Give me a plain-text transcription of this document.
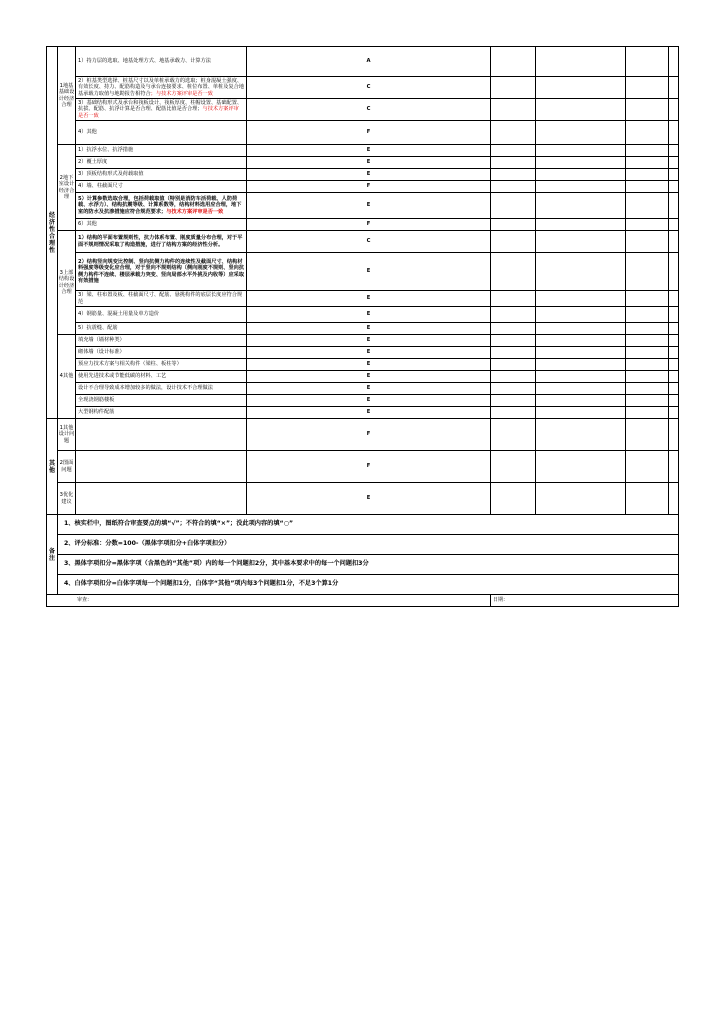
经济性合理性	1地基基础设计经济合理	1）持力层的选取、地基处理方式、地基承载力、计算方法	A				
		2）桩基类型选择、桩基尺寸以及单桩承载力的选取；桩身混凝土强度、有效长度、持力、配筋构造及与承台连接要求、桩位布置、单桩及复合地基承载力取值与地勘报告相符合；与技术方案评审是否一致	C				
		3）基础结构形式及承台和筏板设计、筏板厚度、柱帽设置、基础配置、抗拔、配筋、抗浮计算是否合理、配筋比值是否合理；与技术方案评审是否一致	C				
		4）其他	F				
	2地下室设计经济合理	1）抗浮水位、抗浮措施	E				
		2）覆土厚度	E				
		3）顶板结构形式及荷载取值	E				
		4）墙、柱截面尺寸	F				
		5）计算参数选取合理，包括荷载取值（特别是消防车活荷载、人防荷载、水浮力）、结构抗震等级、计算系数等，结构材料选用应合理，地下室的防水及抗渗措施应符合规范要求；与技术方案评审是否一致	E				
		6）其他	F				
	3上部结构设计经济合理	1）结构的平面布置规则性，抗力体系布置、刚度质量分布合理，对于平面不规则情况采取了构造措施，进行了结构方案的经济性分析。	C				
		2）结构竖向规变比控制、竖向抗侧力构件的连续性及截面尺寸、结构材料强度等级变化应合理，对于竖向不规则结构（侧向刚度不规则、竖向抗侧力构件不连续、楼层承载力突变、竖向局部水平外挑及内收等）应采取有效措施	E				
		3）梁、柱布置及板、柱截面尺寸、配筋、悬挑构件的底层长度应符合规范	E				
		4）钢筋量、混凝土用量及单方造价	E				
		5）抗震缝、配筋	E				
	4其他	填充墙（墙材种类）	E				
		砌体墙（设计标准）	E				
		预应力技术方案与相关构件（梁柱、板柱等）	E				
		使用先进技术或节能低碳的材料、工艺	E				
		设计不合理导致成本增加较多的做法，设计技术不合理做法	E				
		全现浇钢筋楼板	E				
		大型钢构件配筋	E				
其他	1其他设计问题		F				
	2图面问题		F				
	3优化建议		E				
备注	1、核实栏中，图纸符合审查要点的填“√”；不符合的填“×”；没此项内容的填“○”						
	2、评分标准：分数=100-（黑体字项扣分+白体字项扣分）						
	3、黑体字项扣分=黑体字项（含黑色的“其他”项）内的每一个问题扣2分，其中基本要求中的每一个问题扣3分						
	4、白体字项扣分=白体字项每一个问题扣1分，白体字“其他”项内每3个问题扣1分，不足3个算1分						
审查：				日期：			
